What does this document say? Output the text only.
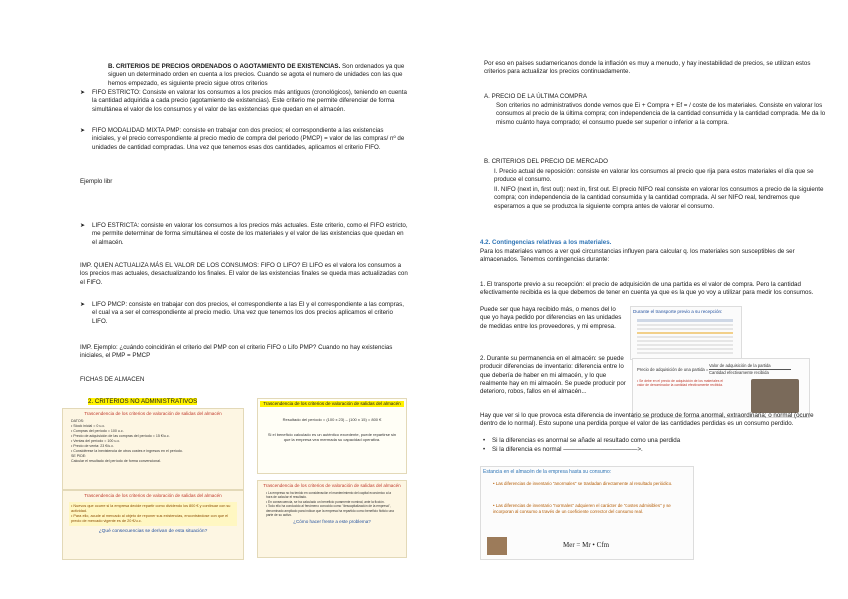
B. CRITERIOS DE PRECIOS ORDENADOS O AGOTAMIENTO DE EXISTENCIAS. Son ordenados ya que siguen un determinado orden en cuenta a los precios. Cuando se agota el numero de unidades con las que hemos empezado, es siguiente precio sigue otros criterios
➤ FIFO ESTRICTO: Consiste en valorar los consumos a los precios más antiguos (cronológicos), teniendo en cuenta la cantidad adquirida a cada precio (agotamiento de existencias). Este criterio me permite diferenciar de forma simultánea el valor de los consumos y el valor de las existencias que quedan en el almacén.
➤ FIFO MODALIDAD MIXTA PMP: consiste en trabajar con dos precios; el correspondiente a las existencias iniciales, y el precio correspondiente al precio medio de compra del periodo (PMCP) = valor de las compras/ nº de unidades de cantidad compradas. Una vez que tenemos esas dos cantidades, aplicamos el criterio FIFO.
Ejemplo libr
➤ LIFO ESTRICTA: consiste en valorar los consumos a los precios más actuales. Este criterio, como el FIFO estricto, me permite determinar de forma simultánea el coste de los materiales y el valor de las existencias que quedan en el almacén.
IMP. QUIEN ACTUALIZA MÁS EL VALOR DE LOS CONSUMOS: FIFO O LIFO? El LIFO es el valora los consumos a los precios mas actuales, desactualizando los finales. El valor de las existencias finales se queda mas actualizadas con el FIFO.
➤ LIFO PMCP: consiste en trabajar con dos precios, el correspondiente a las EI y el correspondiente a las compras, el cual va a ser el correspondiente al precio medio. Una vez que tenemos los dos precios aplicamos el criterio LIFO.
IMP. Ejemplo: ¿cuándo coincidirán el criterio del PMP con el criterio FIFO o Lifo PMP? Cuando no hay existencias iniciales, el PMP = PMCP
FICHAS DE ALMACEN
2. CRITERIOS NO ADMINISTRATIVOS
Trascendencia de los criterios de valoración de salidas del almacén
DATOS:
• Stock inicial = 0 u.c.
• Compras del período = 100 u.c.
• Precio de adquisición de las compras del período = 15 €/u.c.
• Ventas del período = 100 u.c.
• Precio de venta: 23 €/u.c.
• Considérese la inexistencia de otros costes e ingresos en el período.
SE PIDE:
Calcular el resultado del período de forma convencional.
Trascendencia de los criterios de valoración de salidas del almacén
• Nuevos que ocurre si la empresa decide repartir como dividendo los 800 € y continuar con su actividad.
• Para ello, acude al mercado al objeto de reponer sus existencias, encontrándose con que el precio de mercado vigente es de 20 €/u.c.
¿Qué consecuencias se derivan de esta situación?
Trascendencia de los criterios de valoración de salidas del almacén
Resultado del período = (100 x 23) – (100 x 15) = 800 €
Si el beneficio calculado es un auténtico excedente, puede repartirse sin que la empresa vea mermada su capacidad operativa.
Trascendencia de los criterios de valoración de salidas del almacén
• La empresa no ha tenido en consideración el mantenimiento del capital económico a la hora de calcular el resultado.
• En consecuencia, se ha calculado un beneficio puramente nominal, ante la ficción.
• Todo ello ha conducido al fenómeno conocido como "descapitalización de la empresa", denominado ampliado para indicar que la empresa ha repartido como beneficio ficticio una parte de su activo.
¿Cómo hacer frente a este problema?
Por eso en países sudamericanos donde la inflación es muy a menudo, y hay inestabilidad de precios, se utilizan estos criterios para actualizar los precios continuadamente.
A. PRECIO DE LA ÚLTIMA COMPRA
Son criterios no administrativos donde vemos que Ei + Compra + Ef = / coste de los materiales. Consiste en valorar los consumos al precio de la última compra; con independencia de la cantidad consumida y la cantidad comprada. Me da lo mismo cuánto haya comprado; el consumo puede ser superior o inferior a la compra.
B. CRITERIOS DEL PRECIO DE MERCADO
I. Precio actual de reposición: consiste en valorar los consumos al precio que rija para estos materiales el día que se produce el consumo.
II. NIFO (next in, first out): next in, first out. El precio NIFO real consiste en valorar los consumos a precio de la siguiente compra; con independencia de la cantidad consumida y la cantidad comprada. Al ser NIFO real, tendremos que esperarnos a que se produzca la siguiente compra antes de valorar el consumo.
4.2. Contingencias relativas a los materiales.
Para los materiales vamos a ver qué circunstancias influyen para calcular q. los materiales son susceptibles de ser almacenados. Tenemos contingencias durante:
1. El transporte previo a su recepción: el precio de adquisición de una partida es el valor de compra. Pero la cantidad efectivamente recibida es la que debemos de tener en cuenta ya que es la que yo voy a utilizar para medir los consumos.
Puede ser que haya recibido más, o menos del lo que yo haya pedido por diferencias en las unidades de medidas entre los proveedores, y mi empresa.
Durante el transporte previo a su recepción:
2. Durante su permanencia en el almacén: se puede producir diferencias de inventario: diferencia entre lo que debería de haber en mi almacén, y lo que realmente hay en mi almacén. Se puede producir por deterioro, robos, fallos en el almacén...
Valor de adquisición de la partida
Cantidad efectivamente recibida
Precio de adquisición de una partida =
• Se debe en el precio de adquisición de los materiales el valor de denominador la cantidad efectivamente recibida.
Hay que ver si lo que provoca esta diferencia de inventario se produce de forma anormal, extraordinaria; o normal (ocurre dentro de lo normal). Esto supone una perdida porque el valor de las cantidades perdidas es un consumo perdido.
• Si la diferencias es anormal se añade al resultado como una perdida
• Si la diferencia es normal ————————————>.
Estancia en el almacén de la empresa hasta su consumo:
• Las diferencias de inventario "anormales" se trasladan directamente al resultado periódico.
• Las diferencias de inventario "normales" adquieren el carácter de "costes admisibles" y se incorporan al consumo a través de un coeficiente corrector del consumo real.
Mer = Mr • Cfm
